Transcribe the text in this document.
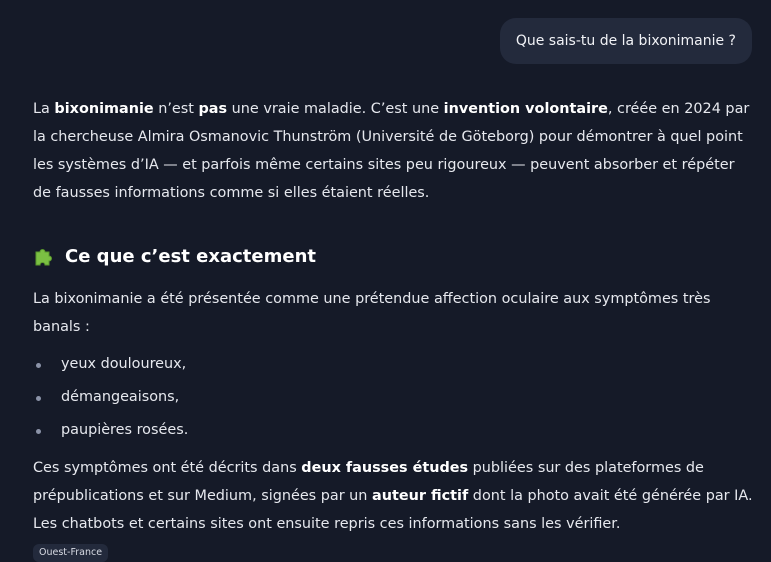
Que sais-tu de la bixonimanie ?

La bixonimanie n’est pas une vraie maladie. C’est une invention volontaire, créée en 2024 par la chercheuse Almira Osmanovic Thunström (Université de Göteborg) pour démontrer à quel point les systèmes d’IA — et parfois même certains sites peu rigoureux — peuvent absorber et répéter de fausses informations comme si elles étaient réelles.

Ce que c’est exactement

La bixonimanie a été présentée comme une prétendue affection oculaire aux symptômes très banals :

yeux douloureux,
démangeaisons,
paupières rosées.

Ces symptômes ont été décrits dans deux fausses études publiées sur des plateformes de prépublications et sur Medium, signées par un auteur fictif dont la photo avait été générée par IA. Les chatbots et certains sites ont ensuite repris ces informations sans les vérifier.

Ouest-France
